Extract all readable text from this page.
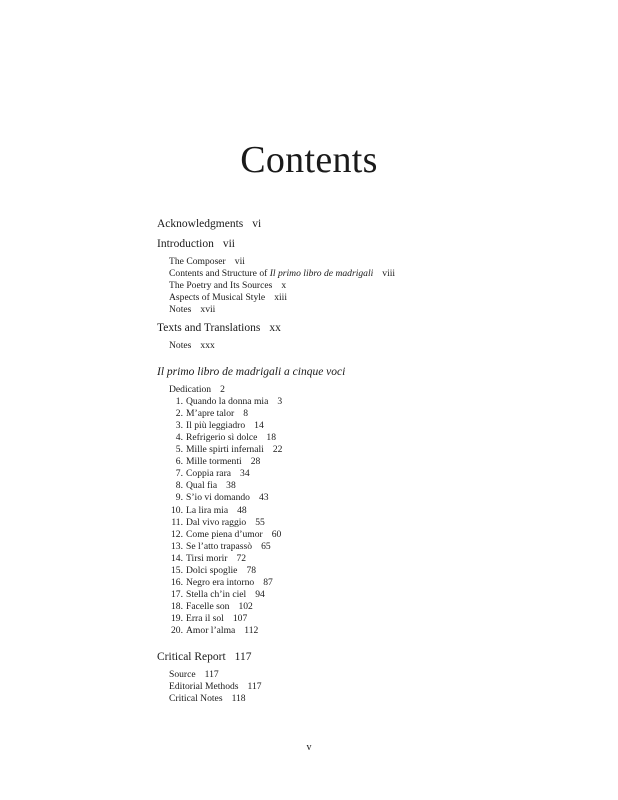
Contents
Acknowledgments vi
Introduction vii
The Composer vii
Contents and Structure of Il primo libro de madrigali viii
The Poetry and Its Sources x
Aspects of Musical Style xiii
Notes xvii
Texts and Translations xx
Notes xxx
Il primo libro de madrigali a cinque voci
Dedication 2
1. Quando la donna mia 3
2. M’apre talor 8
3. Il più leggiadro 14
4. Refrigerio sì dolce 18
5. Mille spirti infernali 22
6. Mille tormenti 28
7. Coppia rara 34
8. Qual fia 38
9. S’io vi domando 43
10. La lira mia 48
11. Dal vivo raggio 55
12. Come piena d’umor 60
13. Se l’atto trapassò 65
14. Tirsi morir 72
15. Dolci spoglie 78
16. Negro era intorno 87
17. Stella ch’in ciel 94
18. Facelle son 102
19. Erra il sol 107
20. Amor l’alma 112
Critical Report 117
Source 117
Editorial Methods 117
Critical Notes 118
v
